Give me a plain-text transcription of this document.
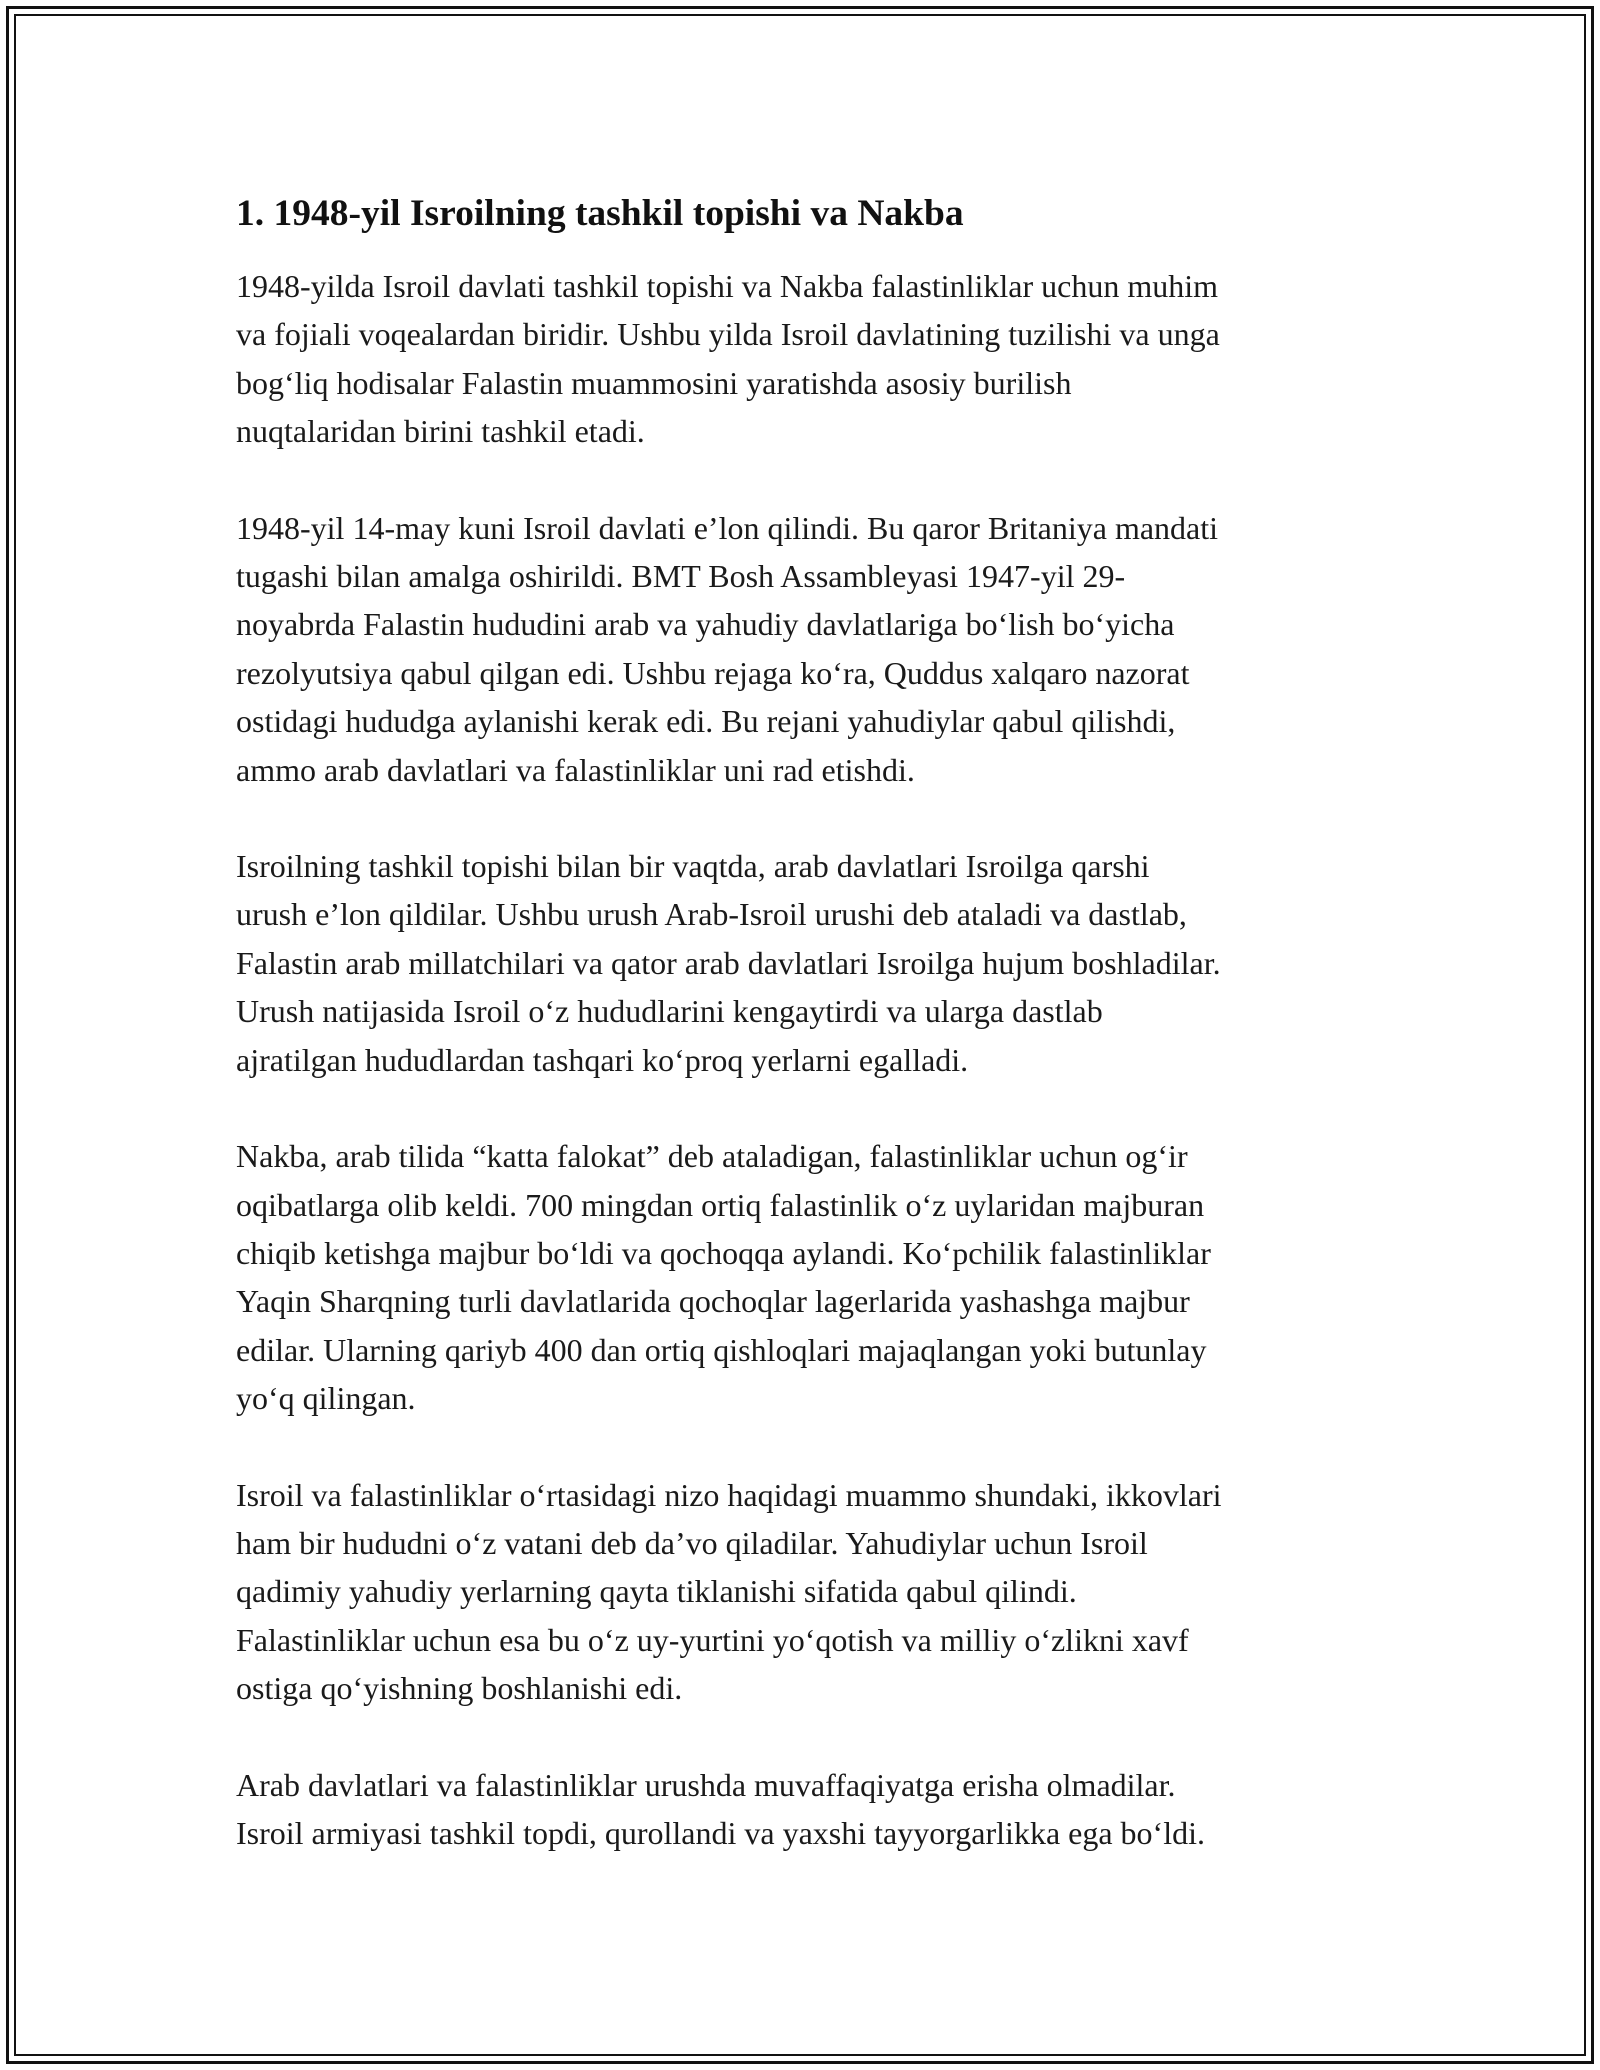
1. 1948-yil Isroilning tashkil topishi va Nakba

1948-yilda Isroil davlati tashkil topishi va Nakba falastinliklar uchun muhim
va fojiali voqealardan biridir. Ushbu yilda Isroil davlatining tuzilishi va unga
bog‘liq hodisalar Falastin muammosini yaratishda asosiy burilish
nuqtalaridan birini tashkil etadi.

1948-yil 14-may kuni Isroil davlati e’lon qilindi. Bu qaror Britaniya mandati
tugashi bilan amalga oshirildi. BMT Bosh Assambleyasi 1947-yil 29-
noyabrda Falastin hududini arab va yahudiy davlatlariga bo‘lish bo‘yicha
rezolyutsiya qabul qilgan edi. Ushbu rejaga ko‘ra, Quddus xalqaro nazorat
ostidagi hududga aylanishi kerak edi. Bu rejani yahudiylar qabul qilishdi,
ammo arab davlatlari va falastinliklar uni rad etishdi.

Isroilning tashkil topishi bilan bir vaqtda, arab davlatlari Isroilga qarshi
urush e’lon qildilar. Ushbu urush Arab-Isroil urushi deb ataladi va dastlab,
Falastin arab millatchilari va qator arab davlatlari Isroilga hujum boshladilar.
Urush natijasida Isroil o‘z hududlarini kengaytirdi va ularga dastlab
ajratilgan hududlardan tashqari ko‘proq yerlarni egalladi.

Nakba, arab tilida “katta falokat” deb ataladigan, falastinliklar uchun og‘ir
oqibatlarga olib keldi. 700 mingdan ortiq falastinlik o‘z uylaridan majburan
chiqib ketishga majbur bo‘ldi va qochoqqa aylandi. Ko‘pchilik falastinliklar
Yaqin Sharqning turli davlatlarida qochoqlar lagerlarida yashashga majbur
edilar. Ularning qariyb 400 dan ortiq qishloqlari majaqlangan yoki butunlay
yo‘q qilingan.

Isroil va falastinliklar o‘rtasidagi nizo haqidagi muammo shundaki, ikkovlari
ham bir hududni o‘z vatani deb da’vo qiladilar. Yahudiylar uchun Isroil
qadimiy yahudiy yerlarning qayta tiklanishi sifatida qabul qilindi.
Falastinliklar uchun esa bu o‘z uy-yurtini yo‘qotish va milliy o‘zlikni xavf
ostiga qo‘yishning boshlanishi edi.

Arab davlatlari va falastinliklar urushda muvaffaqiyatga erisha olmadilar.
Isroil armiyasi tashkil topdi, qurollandi va yaxshi tayyorgarlikka ega bo‘ldi.
